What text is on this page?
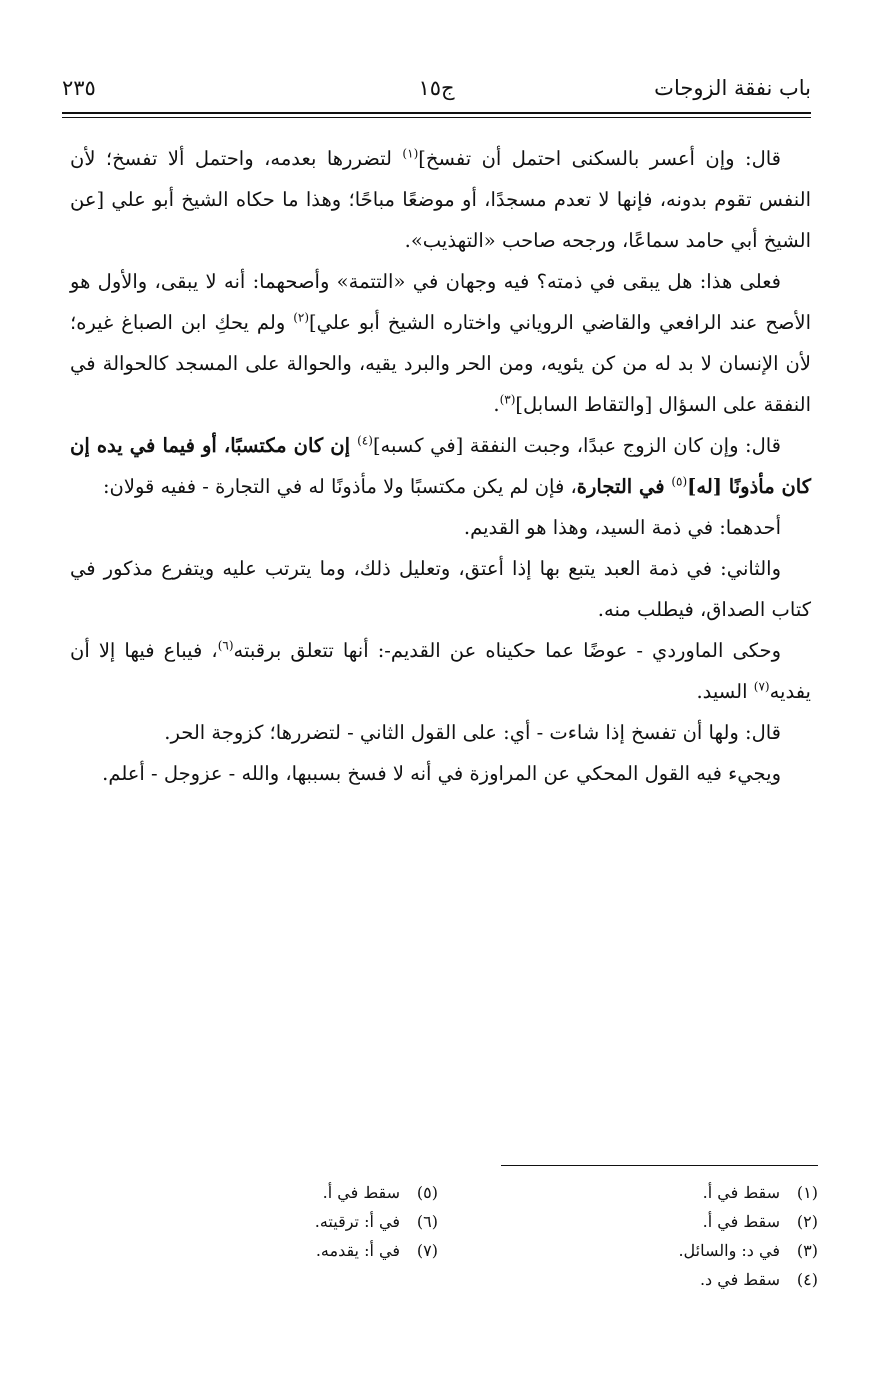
باب نفقة الزوجات
ج١٥
٢٣٥

قال: وإن أعسر بالسكنى احتمل أن تفسخ]$^{(١)}$ لتضررها بعدمه، واحتمل ألا تفسخ؛ لأن النفس تقوم بدونه، فإنها لا تعدم مسجدًا، أو موضعًا مباحًا؛ وهذا ما حكاه الشيخ أبو علي [عن الشيخ أبي حامد سماعًا، ورجحه صاحب «التهذيب».

فعلى هذا: هل يبقى في ذمته؟ فيه وجهان في «التتمة» وأصحهما: أنه لا يبقى، والأول هو الأصح عند الرافعي والقاضي الروياني واختاره الشيخ أبو علي]$^{(٢)}$ ولم يحكِ ابن الصباغ غيره؛ لأن الإنسان لا بد له من كن يئويه، ومن الحر والبرد يقيه، والحوالة على المسجد كالحوالة في النفقة على السؤال [والتقاط السابل]$^{(٣)}$.

قال: وإن كان الزوج عبدًا، وجبت النفقة [في كسبه]$^{(٤)}$ إن كان مكتسبًا، أو فيما في يده إن كان مأذونًا [له]$^{(٥)}$ في التجارة، فإن لم يكن مكتسبًا ولا مأذونًا له في التجارة - ففيه قولان:

أحدهما: في ذمة السيد، وهذا هو القديم.

والثاني: في ذمة العبد يتبع بها إذا أعتق، وتعليل ذلك، وما يترتب عليه ويتفرع مذكور في كتاب الصداق، فيطلب منه.

وحكى الماوردي - عوضًا عما حكيناه عن القديم-: أنها تتعلق برقبته$^{(٦)}$، فيباع فيها إلا أن يفديه$^{(٧)}$ السيد.

قال: ولها أن تفسخ إذا شاءت - أي: على القول الثاني - لتضررها؛ كزوجة الحر.

ويجيء فيه القول المحكي عن المراوزة في أنه لا فسخ بسببها، والله - عزوجل - أعلم.

(١)سقط في أ.
(٢)سقط في أ.
(٣)في د: والسائل.
(٤)سقط في د.
(٥)سقط في أ.
(٦)في أ: ترقيته.
(٧)في أ: يقدمه.
